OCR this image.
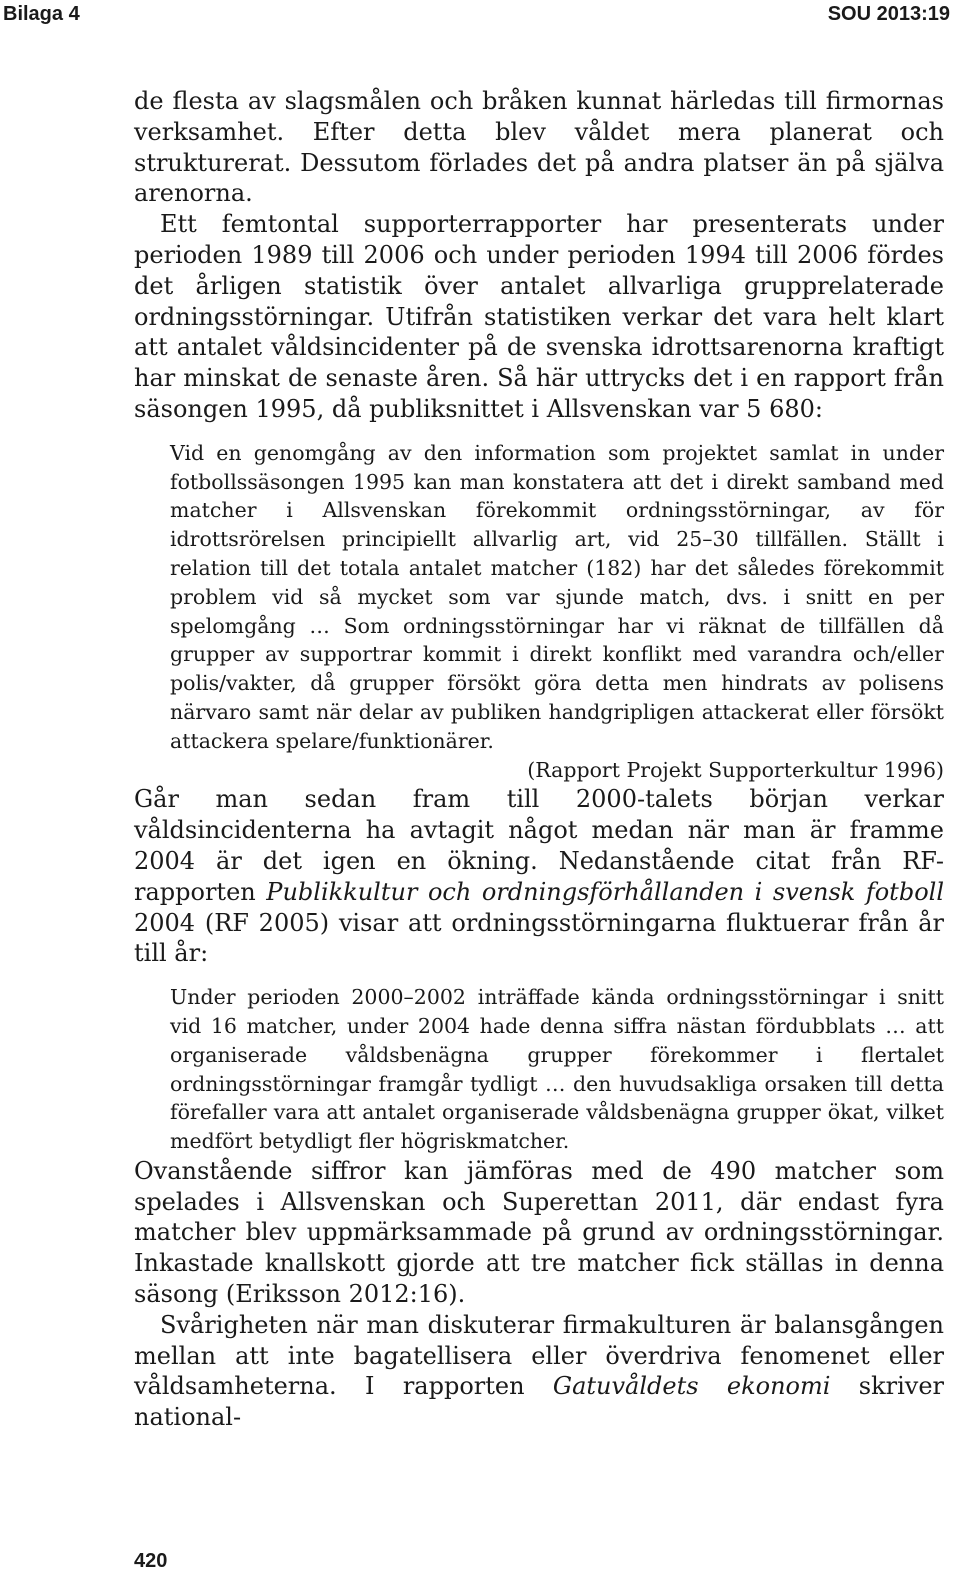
Bilaga 4	SOU 2013:19

de flesta av slagsmålen och bråken kunnat härledas till firmornas verksamhet. Efter detta blev våldet mera planerat och strukturerat. Dessutom förlades det på andra platser än på själva arenorna.

Ett femtontal supporterrapporter har presenterats under perioden 1989 till 2006 och under perioden 1994 till 2006 fördes det årligen statistik över antalet allvarliga grupprelaterade ordningsstörningar. Utifrån statistiken verkar det vara helt klart att antalet våldsincidenter på de svenska idrottsarenorna kraftigt har minskat de senaste åren. Så här uttrycks det i en rapport från säsongen 1995, då publiksnittet i Allsvenskan var 5 680:

Vid en genomgång av den information som projektet samlat in under fotbollssäsongen 1995 kan man konstatera att det i direkt samband med matcher i Allsvenskan förekommit ordningsstörningar, av för idrottsrörelsen principiellt allvarlig art, vid 25–30 tillfällen. Ställt i relation till det totala antalet matcher (182) har det således förekommit problem vid så mycket som var sjunde match, dvs. i snitt en per spelomgång … Som ordningsstörningar har vi räknat de tillfällen då grupper av supportrar kommit i direkt konflikt med varandra och/eller polis/vakter, då grupper försökt göra detta men hindrats av polisens närvaro samt när delar av publiken handgripligen attackerat eller försökt attackera spelare/funktionärer.

(Rapport Projekt Supporterkultur 1996)

Går man sedan fram till 2000-talets början verkar våldsincidenterna ha avtagit något medan när man är framme 2004 är det igen en ökning. Nedanstående citat från RF-rapporten Publikkultur och ordningsförhållanden i svensk fotboll 2004 (RF 2005) visar att ordningsstörningarna fluktuerar från år till år:

Under perioden 2000–2002 inträffade kända ordningsstörningar i snitt vid 16 matcher, under 2004 hade denna siffra nästan fördubblats … att organiserade våldsbenägna grupper förekommer i flertalet ordningsstörningar framgår tydligt … den huvudsakliga orsaken till detta förefaller vara att antalet organiserade våldsbenägna grupper ökat, vilket medfört betydligt fler högriskmatcher.

Ovanstående siffror kan jämföras med de 490 matcher som spelades i Allsvenskan och Superettan 2011, där endast fyra matcher blev uppmärksammade på grund av ordningsstörningar. Inkastade knallskott gjorde att tre matcher fick ställas in denna säsong (Eriksson 2012:16).

Svårigheten när man diskuterar firmakulturen är balansgången mellan att inte bagatellisera eller överdriva fenomenet eller våldsamheterna. I rapporten Gatuvåldets ekonomi skriver national-

420
